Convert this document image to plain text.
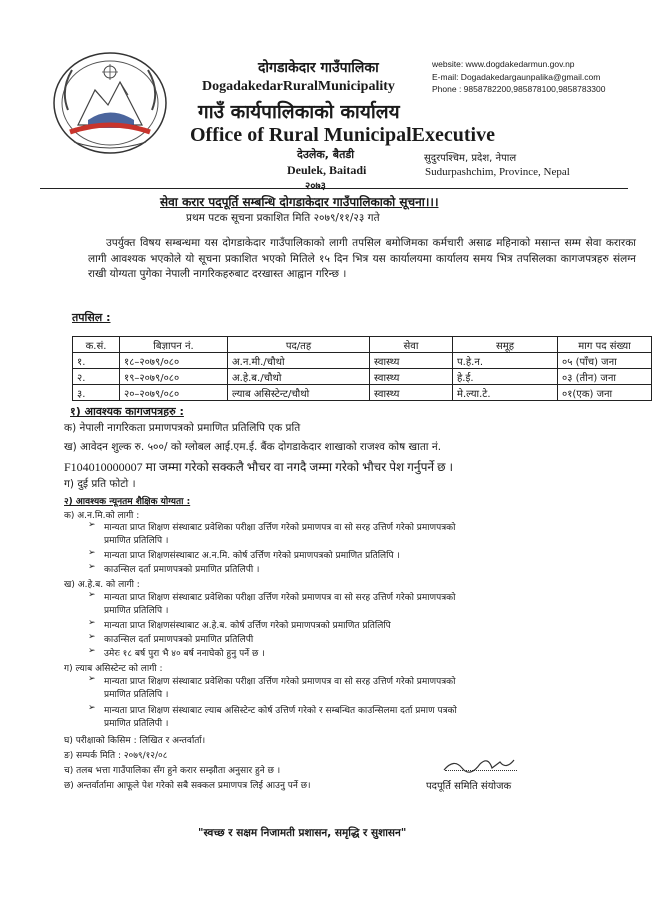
दोगडाकेदार गाउँपालिका
DogadakedarRuralMunicipality
गाउँ कार्यपालिकाको कार्यालय
Office of Rural MunicipalExecutive
देउलेक, बैतडी
Deulek, Baitadi
२०७३
website: www.dogdakedarmun.gov.np
E-mail: Dogadakedargaunpalika@gmail.com
Phone : 9858782200,985878100,9858783300
सुदुरपश्चिम, प्रदेश, नेपाल
Sudurpashchim, Province, Nepal
सेवा करार पदपूर्ति सम्बन्धि दोगडाकेदार गाउँपालिकाको सूचना।।।
प्रथम पटक सूचना प्रकाशित मिति २०७९/११/२३ गते
उपर्युक्त विषय सम्बन्धमा यस दोगडाकेदार गाउँपालिकाको लागी तपसिल बमोजिमका कर्मचारी असाढ महिनाको मसान्त सम्म सेवा करारका लागी आवश्यक भएकोले यो सूचना प्रकाशित भएको मितिले १५ दिन भित्र यस कार्यालयमा कार्यालय समय भित्र तपसिलका कागजपत्रहरु संलग्न राखी योग्यता पुगेका नेपाली नागरिकहरुबाट दरखास्त आह्वान गरिन्छ ।
तपसिल :
क.सं.	बिज्ञापन नं.	पद/तह	सेवा	समूह	माग पद संख्या
१.	१८–२०७९/०८०	अ.न.मी./चौथो	स्वास्थ्य	प.हे.न.	०५ (पाँच) जना
२.	१९–२०७९/०८०	अ.हे.ब./चौथो	स्वास्थ्य	हे.ई.	०३ (तीन) जना
३.	२०–२०७९/०८०	ल्याब असिस्टेन्ट/चौथो	स्वास्थ्य	मे.ल्या.टे.	०१(एक) जना
१) आवश्यक कागजपत्रहरु :
क) नेपाली नागरिकता प्रमाणपत्रको प्रमाणित प्रतिलिपि एक प्रति
ख) आवेदन शुल्क रु. ५००/ को ग्लोबल आई.एम.ई. बैंक दोगडाकेदार शाखाको राजश्व कोष खाता नं.
F104010000007 मा जम्मा गरेको सक्कलै भौचर वा नगदै जम्मा गरेको भौचर पेश गर्नुपर्ने छ ।
ग) दुई प्रति फोटो ।
२) आवश्यक न्यूनतम शैक्षिक योग्यता :
क) अ.न.मि.को लागी :
➢ मान्यता प्राप्त शिक्षण संस्थाबाट प्रवेशिका परीक्षा उर्त्तिण गरेको प्रमाणपत्र वा सो सरह उत्तिर्ण गरेको प्रमाणपत्रको
प्रमाणित प्रतिलिपि ।
➢ मान्यता प्राप्त शिक्षणसंस्थाबाट अ.न.मि. कोर्ष उर्त्तिण गरेको प्रमाणपत्रको प्रमाणित प्रतिलिपि ।
➢ काउन्सिल दर्ता प्रमाणपत्रको प्रमाणित प्रतिलिपी ।
ख) अ.हे.ब. को लागी :
➢ मान्यता प्राप्त शिक्षण संस्थाबाट प्रवेशिका परीक्षा उर्त्तिण गरेको प्रमाणपत्र वा सो सरह उत्तिर्ण गरेको प्रमाणपत्रको
प्रमाणित प्रतिलिपि ।
➢ मान्यता प्राप्त शिक्षणसंस्थाबाट अ.हे.ब. कोर्ष उर्त्तिण गरेको प्रमाणपत्रको प्रमाणित प्रतिलिपि
➢ काउन्सिल दर्ता प्रमाणपत्रको प्रमाणित प्रतिलिपी
➢ उमेरः १८ बर्ष पुरा भै ४० बर्ष ननाघेको हुनु पर्ने छ ।
ग) ल्याब असिस्टेन्ट को लागी :
➢ मान्यता प्राप्त शिक्षण संस्थाबाट प्रवेशिका परीक्षा उर्त्तिण गरेको प्रमाणपत्र वा सो सरह उत्तिर्ण गरेको प्रमाणपत्रको
प्रमाणित प्रतिलिपि ।
➢ मान्यता प्राप्त शिक्षण संस्थाबाट ल्याब असिस्टेन्ट कोर्ष उत्तिर्ण गरेको र सम्बन्धित काउन्सिलमा दर्ता प्रमाण पत्रको
प्रमाणित प्रतिलिपी ।
घ) परीक्षाको किसिम : लिखित र अन्तर्वार्ता।
ङ) सम्पर्क मिति : २०७९/१२/०८
च) तलब भत्ता गाउँपालिका सँग हुने करार सम्झौता अनुसार हुने छ ।
छ) अन्तर्वार्तामा आफूले पेश गरेको सबै सक्कल प्रमाणपत्र लिई आउनु पर्ने छ।	पदपूर्ति समिति संयोजक
"स्वच्छ र सक्षम निजामती प्रशासन, समृद्धि र सुशासन"
